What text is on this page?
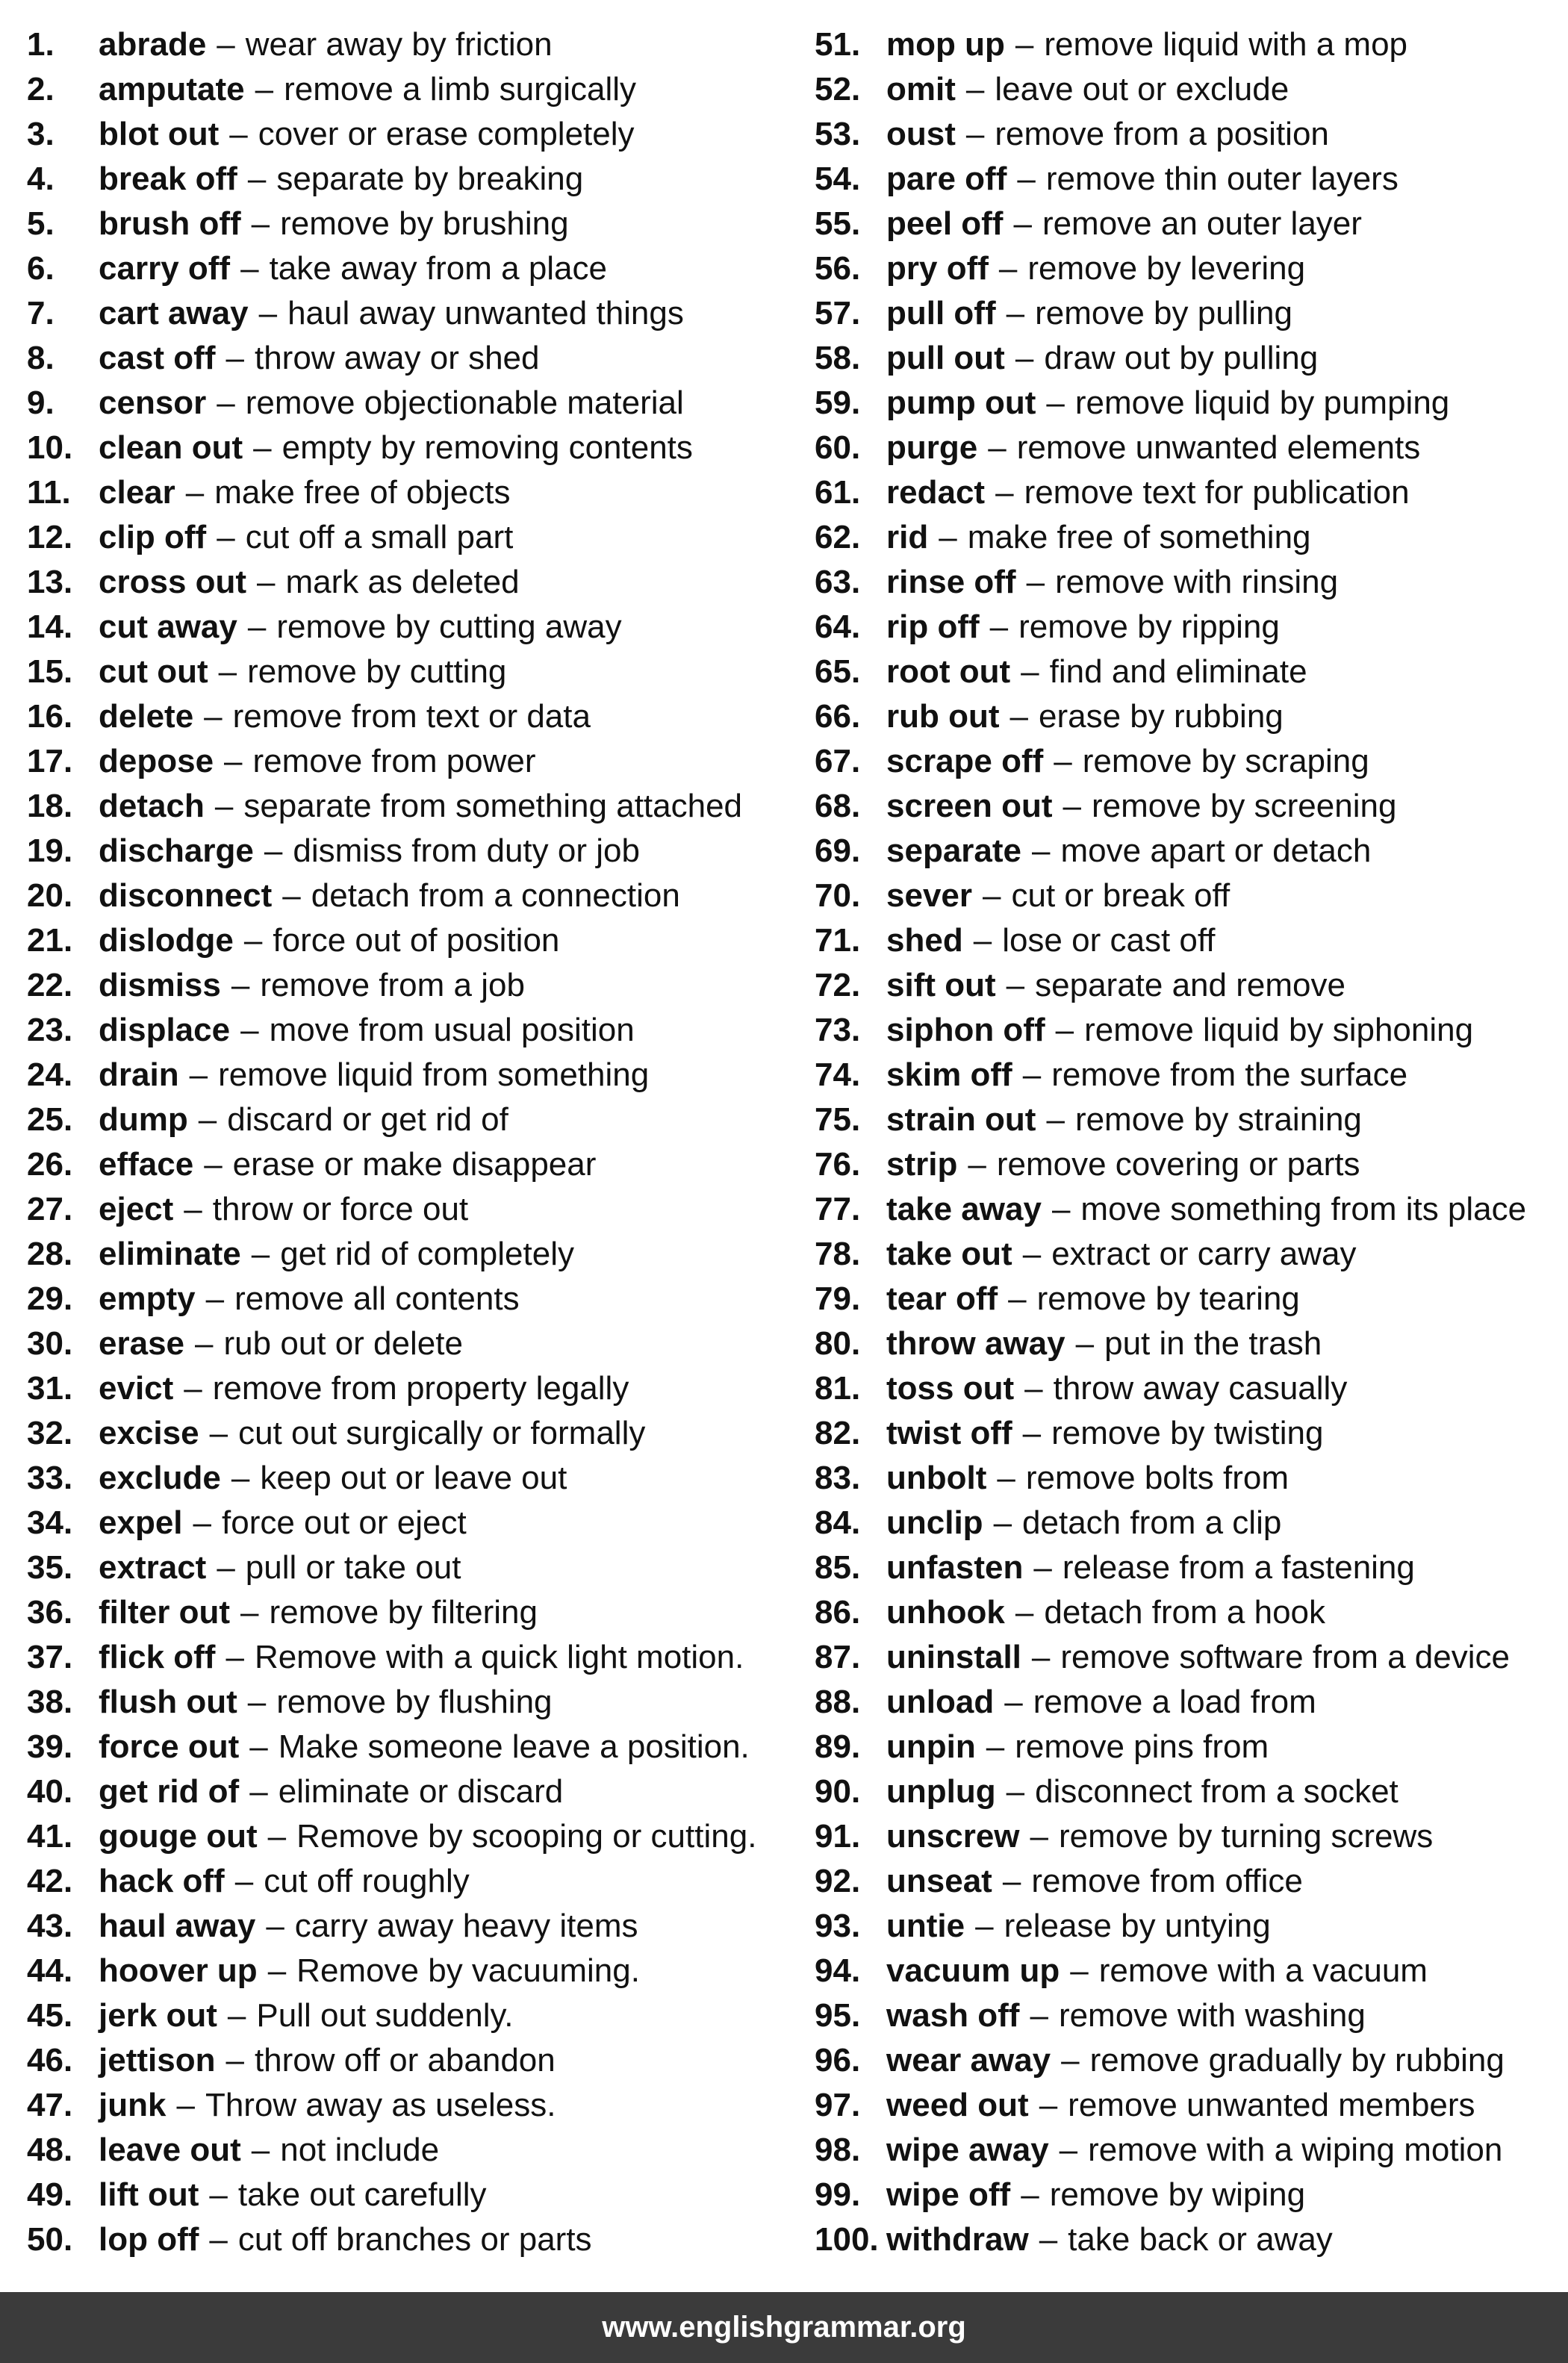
1.	abrade – wear away by friction
2.	amputate – remove a limb surgically
3.	blot out – cover or erase completely
4.	break off – separate by breaking
5.	brush off – remove by brushing
6.	carry off – take away from a place
7.	cart away – haul away unwanted things
8.	cast off – throw away or shed
9.	censor – remove objectionable material
10. clean out – empty by removing contents
11. clear – make free of objects
12. clip off – cut off a small part
13. cross out – mark as deleted
14. cut away – remove by cutting away
15. cut out – remove by cutting
16. delete – remove from text or data
17. depose – remove from power
18. detach – separate from something attached
19. discharge – dismiss from duty or job
20. disconnect – detach from a connection
21. dislodge – force out of position
22. dismiss – remove from a job
23. displace – move from usual position
24. drain – remove liquid from something
25. dump – discard or get rid of
26. efface – erase or make disappear
27. eject – throw or force out
28. eliminate – get rid of completely
29. empty – remove all contents
30. erase – rub out or delete
31. evict – remove from property legally
32. excise – cut out surgically or formally
33. exclude – keep out or leave out
34. expel – force out or eject
35. extract – pull or take out
36. filter out – remove by filtering
37. flick off – Remove with a quick light motion.
38. flush out – remove by flushing
39. force out – Make someone leave a position.
40. get rid of – eliminate or discard
41. gouge out – Remove by scooping or cutting.
42. hack off – cut off roughly
43. haul away – carry away heavy items
44. hoover up – Remove by vacuuming.
45. jerk out – Pull out suddenly.
46. jettison – throw off or abandon
47. junk – Throw away as useless.
48. leave out – not include
49. lift out – take out carefully
50. lop off – cut off branches or parts
51. mop up – remove liquid with a mop
52. omit – leave out or exclude
53. oust – remove from a position
54. pare off – remove thin outer layers
55. peel off – remove an outer layer
56. pry off – remove by levering
57. pull off – remove by pulling
58. pull out – draw out by pulling
59. pump out – remove liquid by pumping
60. purge – remove unwanted elements
61. redact – remove text for publication
62. rid – make free of something
63. rinse off – remove with rinsing
64. rip off – remove by ripping
65. root out – find and eliminate
66. rub out – erase by rubbing
67. scrape off – remove by scraping
68. screen out – remove by screening
69. separate – move apart or detach
70. sever – cut or break off
71. shed – lose or cast off
72. sift out – separate and remove
73. siphon off – remove liquid by siphoning
74. skim off – remove from the surface
75. strain out – remove by straining
76. strip – remove covering or parts
77. take away – move something from its place
78. take out – extract or carry away
79. tear off – remove by tearing
80. throw away – put in the trash
81. toss out – throw away casually
82. twist off – remove by twisting
83. unbolt – remove bolts from
84. unclip – detach from a clip
85. unfasten – release from a fastening
86. unhook – detach from a hook
87. uninstall – remove software from a device
88. unload – remove a load from
89. unpin – remove pins from
90. unplug – disconnect from a socket
91. unscrew – remove by turning screws
92. unseat – remove from office
93. untie – release by untying
94. vacuum up – remove with a vacuum
95. wash off – remove with washing
96. wear away – remove gradually by rubbing
97. weed out – remove unwanted members
98. wipe away – remove with a wiping motion
99. wipe off – remove by wiping
100. withdraw – take back or away
www.englishgrammar.org
